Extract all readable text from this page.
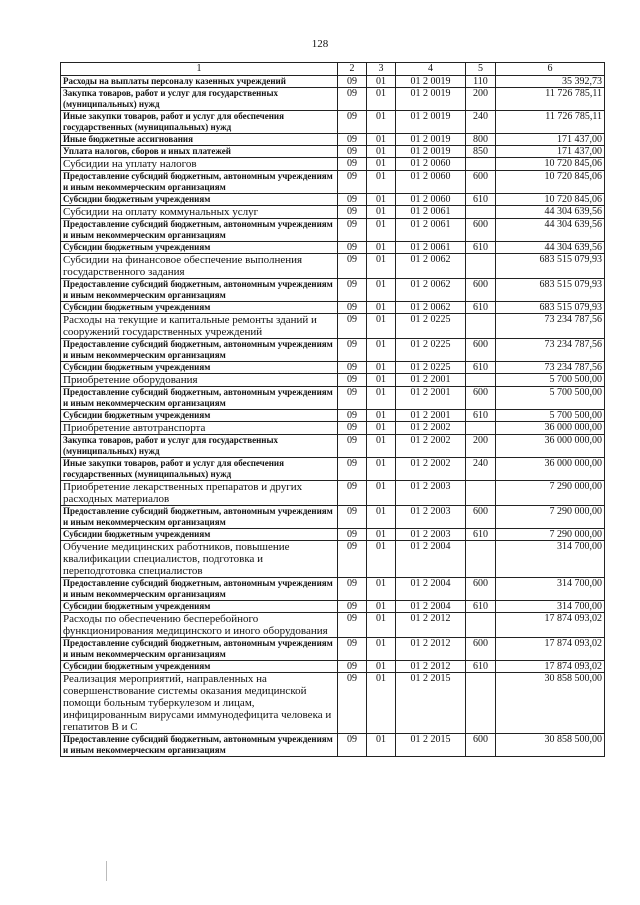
128
1	2	3	4	5	6
Расходы на выплаты персоналу казенных учреждений	09	01	01 2 0019	110	35 392,73
Закупка товаров, работ и услуг для государственных (муниципальных) нужд	09	01	01 2 0019	200	11 726 785,11
Иные закупки товаров, работ и услуг для обеспечения государственных (муниципальных) нужд	09	01	01 2 0019	240	11 726 785,11
Иные бюджетные ассигнования	09	01	01 2 0019	800	171 437,00
Уплата налогов, сборов и иных платежей	09	01	01 2 0019	850	171 437,00
Субсидии на уплату налогов	09	01	01 2 0060		10 720 845,06
Предоставление субсидий бюджетным, автономным учреждениям и иным некоммерческим организациям	09	01	01 2 0060	600	10 720 845,06
Субсидии бюджетным учреждениям	09	01	01 2 0060	610	10 720 845,06
Субсидии на оплату коммунальных услуг	09	01	01 2 0061		44 304 639,56
Предоставление субсидий бюджетным, автономным учреждениям и иным некоммерческим организациям	09	01	01 2 0061	600	44 304 639,56
Субсидии бюджетным учреждениям	09	01	01 2 0061	610	44 304 639,56
Субсидии на финансовое обеспечение выполнения государственного задания	09	01	01 2 0062		683 515 079,93
Предоставление субсидий бюджетным, автономным учреждениям и иным некоммерческим организациям	09	01	01 2 0062	600	683 515 079,93
Субсидии бюджетным учреждениям	09	01	01 2 0062	610	683 515 079,93
Расходы на текущие и капитальные ремонты зданий и сооружений государственных учреждений	09	01	01 2 0225		73 234 787,56
Предоставление субсидий бюджетным, автономным учреждениям и иным некоммерческим организациям	09	01	01 2 0225	600	73 234 787,56
Субсидии бюджетным учреждениям	09	01	01 2 0225	610	73 234 787,56
Приобретение оборудования	09	01	01 2 2001		5 700 500,00
Предоставление субсидий бюджетным, автономным учреждениям и иным некоммерческим организациям	09	01	01 2 2001	600	5 700 500,00
Субсидии бюджетным учреждениям	09	01	01 2 2001	610	5 700 500,00
Приобретение автотранспорта	09	01	01 2 2002		36 000 000,00
Закупка товаров, работ и услуг для государственных (муниципальных) нужд	09	01	01 2 2002	200	36 000 000,00
Иные закупки товаров, работ и услуг для обеспечения государственных (муниципальных) нужд	09	01	01 2 2002	240	36 000 000,00
Приобретение лекарственных препаратов и других расходных материалов	09	01	01 2 2003		7 290 000,00
Предоставление субсидий бюджетным, автономным учреждениям и иным некоммерческим организациям	09	01	01 2 2003	600	7 290 000,00
Субсидии бюджетным учреждениям	09	01	01 2 2003	610	7 290 000,00
Обучение медицинских работников, повышение квалификации специалистов, подготовка и переподготовка специалистов	09	01	01 2 2004		314 700,00
Предоставление субсидий бюджетным, автономным учреждениям и иным некоммерческим организациям	09	01	01 2 2004	600	314 700,00
Субсидии бюджетным учреждениям	09	01	01 2 2004	610	314 700,00
Расходы по обеспечению бесперебойного функционирования медицинского и иного оборудования	09	01	01 2 2012		17 874 093,02
Предоставление субсидий бюджетным, автономным учреждениям и иным некоммерческим организациям	09	01	01 2 2012	600	17 874 093,02
Субсидии бюджетным учреждениям	09	01	01 2 2012	610	17 874 093,02
Реализация мероприятий, направленных на совершенствование системы оказания медицинской помощи больным туберкулезом и лицам, инфицированным вирусами иммунодефицита человека и гепатитов В и С	09	01	01 2 2015		30 858 500,00
Предоставление субсидий бюджетным, автономным учреждениям и иным некоммерческим организациям	09	01	01 2 2015	600	30 858 500,00
